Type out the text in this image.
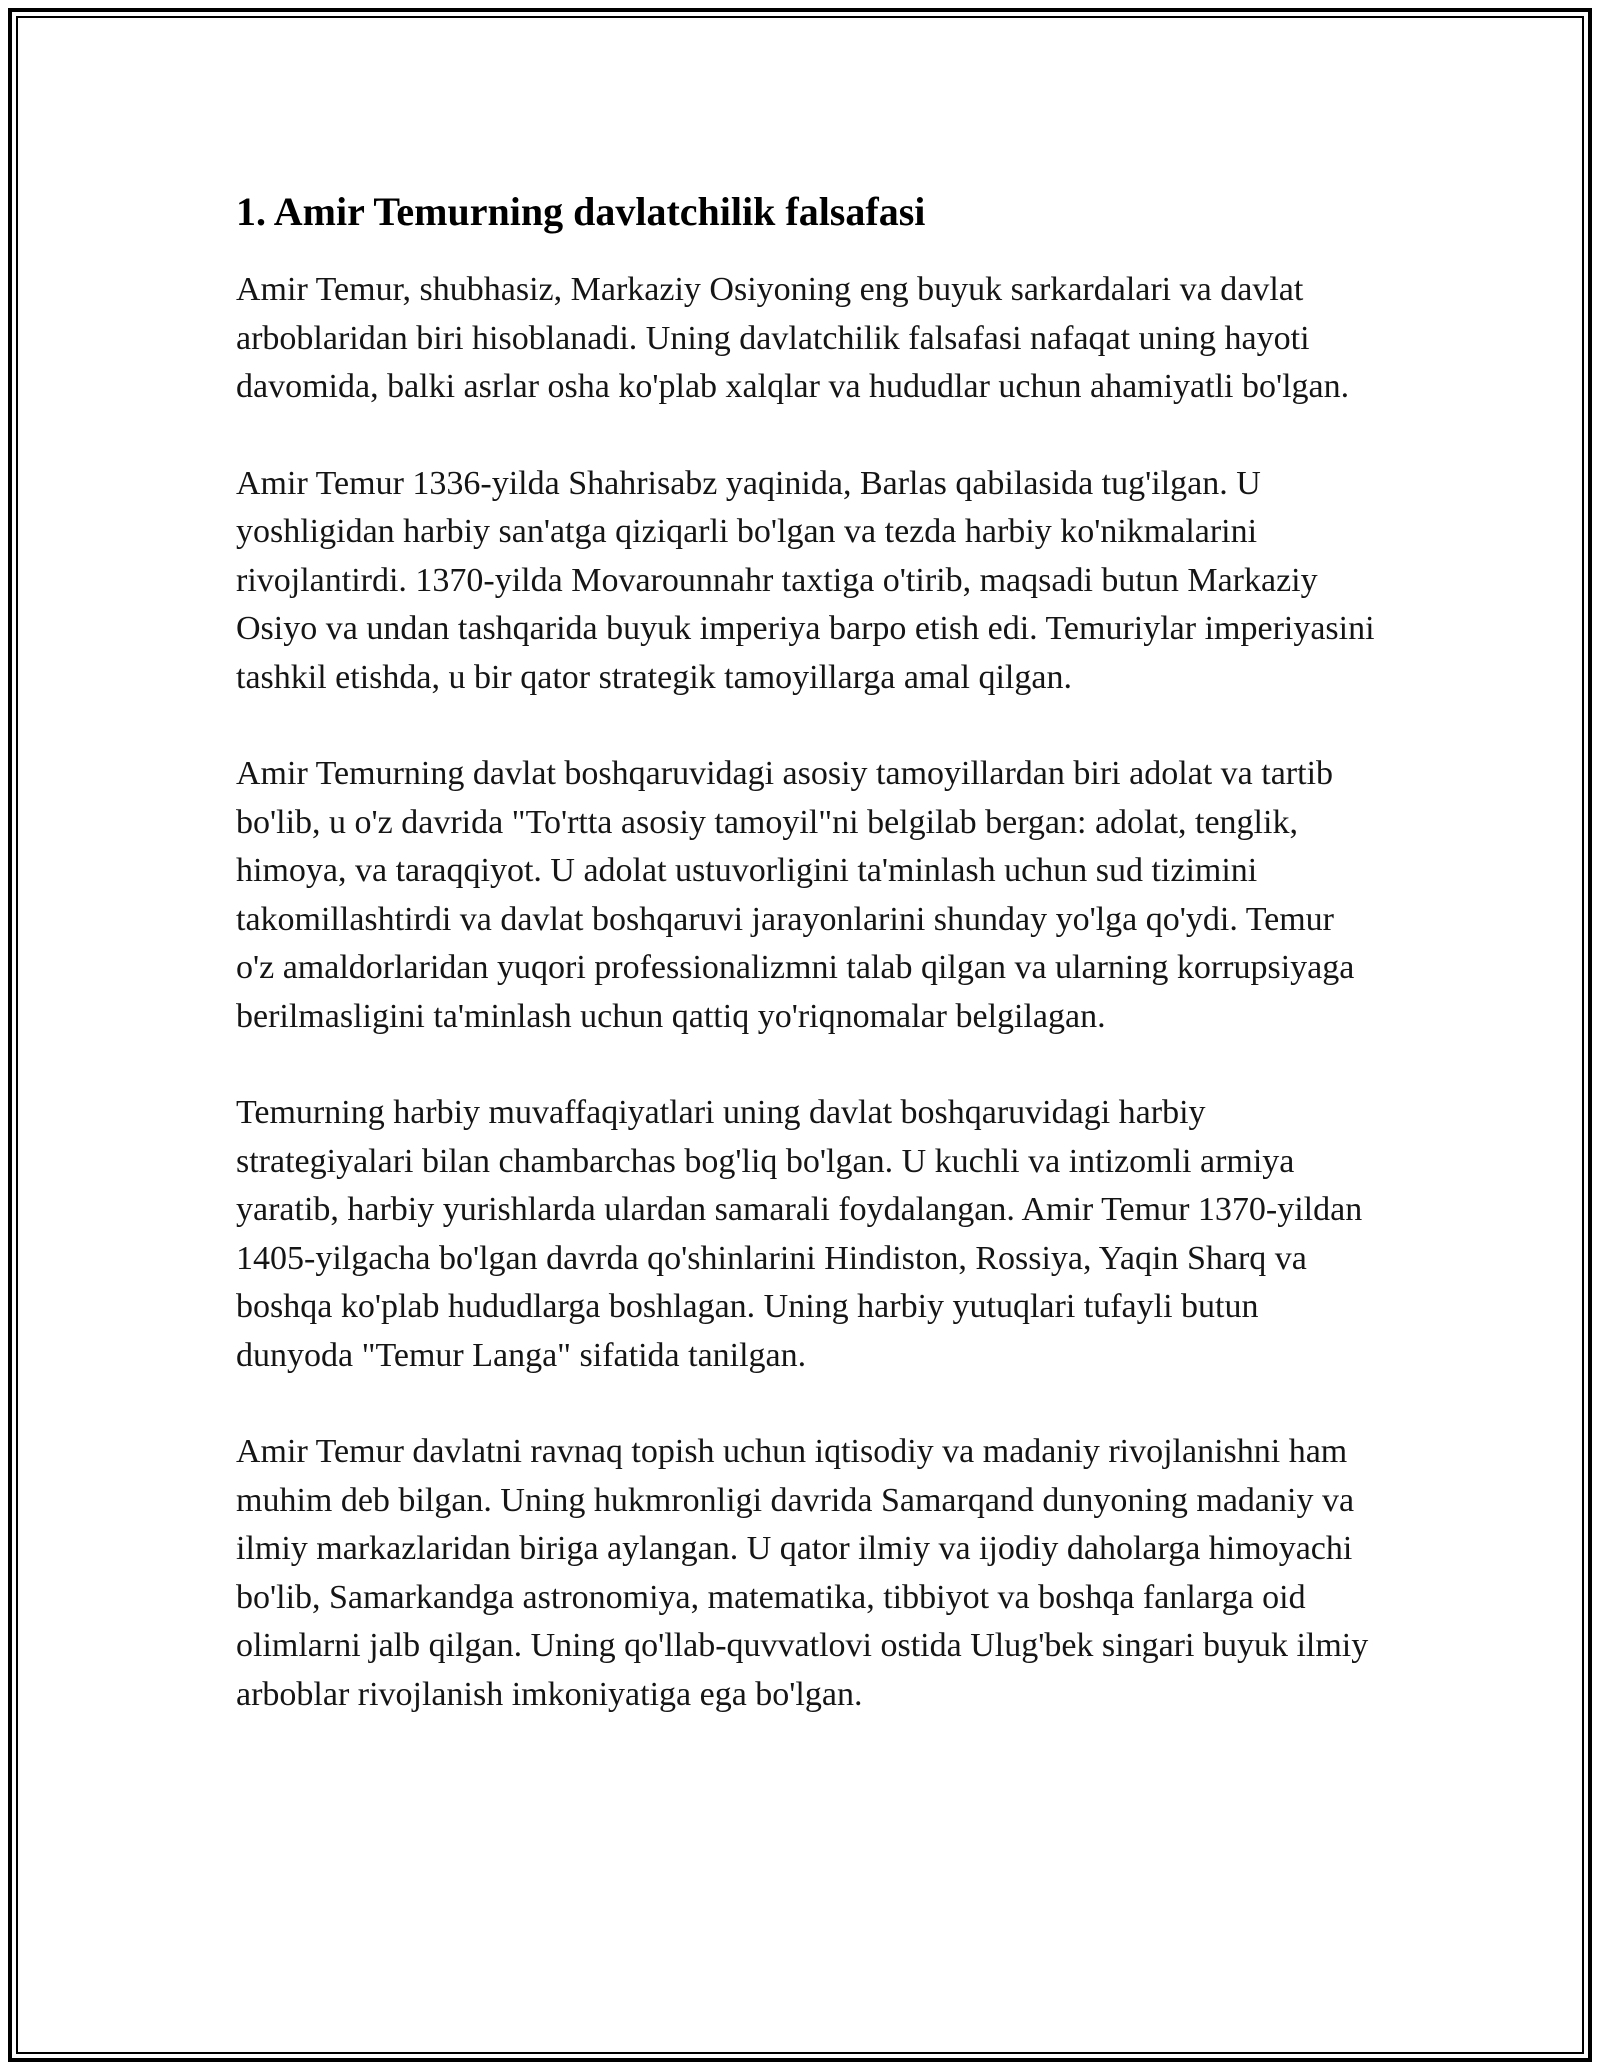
1. Amir Temurning davlatchilik falsafasi

Amir Temur, shubhasiz, Markaziy Osiyoning eng buyuk sarkardalari va davlat arboblaridan biri hisoblanadi. Uning davlatchilik falsafasi nafaqat uning hayoti davomida, balki asrlar osha ko'plab xalqlar va hududlar uchun ahamiyatli bo'lgan.

Amir Temur 1336-yilda Shahrisabz yaqinida, Barlas qabilasida tug'ilgan. U yoshligidan harbiy san'atga qiziqarli bo'lgan va tezda harbiy ko'nikmalarini rivojlantirdi. 1370-yilda Movarounnahr taxtiga o'tirib, maqsadi butun Markaziy Osiyo va undan tashqarida buyuk imperiya barpo etish edi. Temuriylar imperiyasini tashkil etishda, u bir qator strategik tamoyillarga amal qilgan.

Amir Temurning davlat boshqaruvidagi asosiy tamoyillardan biri adolat va tartib bo'lib, u o'z davrida "To'rtta asosiy tamoyil"ni belgilab bergan: adolat, tenglik, himoya, va taraqqiyot. U adolat ustuvorligini ta'minlash uchun sud tizimini takomillashtirdi va davlat boshqaruvi jarayonlarini shunday yo'lga qo'ydi. Temur o'z amaldorlaridan yuqori professionalizmni talab qilgan va ularning korrupsiyaga berilmasligini ta'minlash uchun qattiq yo'riqnomalar belgilagan.

Temurning harbiy muvaffaqiyatlari uning davlat boshqaruvidagi harbiy strategiyalari bilan chambarchas bog'liq bo'lgan. U kuchli va intizomli armiya yaratib, harbiy yurishlarda ulardan samarali foydalangan. Amir Temur 1370-yildan 1405-yilgacha bo'lgan davrda qo'shinlarini Hindiston, Rossiya, Yaqin Sharq va boshqa ko'plab hududlarga boshlagan. Uning harbiy yutuqlari tufayli butun dunyoda "Temur Langa" sifatida tanilgan.

Amir Temur davlatni ravnaq topish uchun iqtisodiy va madaniy rivojlanishni ham muhim deb bilgan. Uning hukmronligi davrida Samarqand dunyoning madaniy va ilmiy markazlaridan biriga aylangan. U qator ilmiy va ijodiy daholarga himoyachi bo'lib, Samarkandga astronomiya, matematika, tibbiyot va boshqa fanlarga oid olimlarni jalb qilgan. Uning qo'llab-quvvatlovi ostida Ulug'bek singari buyuk ilmiy arboblar rivojlanish imkoniyatiga ega bo'lgan.
